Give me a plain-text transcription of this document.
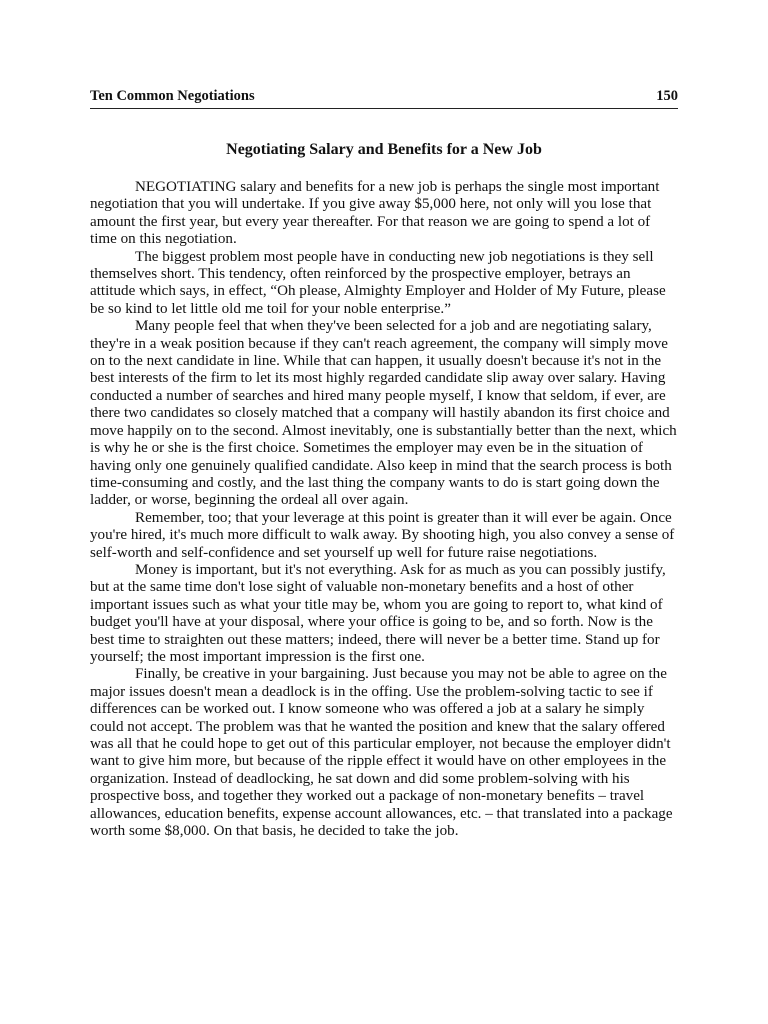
Ten Common Negotiations	150
Negotiating Salary and Benefits for a New Job

NEGOTIATING salary and benefits for a new job is perhaps the single most important negotiation that you will undertake. If you give away $5,000 here, not only will you lose that amount the first year, but every year thereafter. For that reason we are going to spend a lot of time on this negotiation.

The biggest problem most people have in conducting new job negotiations is they sell themselves short. This tendency, often reinforced by the prospective employer, betrays an attitude which says, in effect, “Oh please, Almighty Employer and Holder of My Future, please be so kind to let little old me toil for your noble enterprise.”

Many people feel that when they've been selected for a job and are negotiating salary, they're in a weak position because if they can't reach agreement, the company will simply move on to the next candidate in line. While that can happen, it usually doesn't because it's not in the best interests of the firm to let its most highly regarded candidate slip away over salary. Having conducted a number of searches and hired many people myself, I know that seldom, if ever, are there two candidates so closely matched that a company will hastily abandon its first choice and move happily on to the second. Almost inevitably, one is substantially better than the next, which is why he or she is the first choice. Sometimes the employer may even be in the situation of having only one genuinely qualified candidate. Also keep in mind that the search process is both time-consuming and costly, and the last thing the company wants to do is start going down the ladder, or worse, beginning the ordeal all over again.

Remember, too; that your leverage at this point is greater than it will ever be again. Once you're hired, it's much more difficult to walk away. By shooting high, you also convey a sense of self-worth and self-confidence and set yourself up well for future raise negotiations.

Money is important, but it's not everything. Ask for as much as you can possibly justify, but at the same time don't lose sight of valuable non-monetary benefits and a host of other important issues such as what your title may be, whom you are going to report to, what kind of budget you'll have at your disposal, where your office is going to be, and so forth. Now is the best time to straighten out these matters; indeed, there will never be a better time. Stand up for yourself; the most important impression is the first one.

Finally, be creative in your bargaining. Just because you may not be able to agree on the major issues doesn't mean a deadlock is in the offing. Use the problem-solving tactic to see if differences can be worked out. I know someone who was offered a job at a salary he simply could not accept. The problem was that he wanted the position and knew that the salary offered was all that he could hope to get out of this particular employer, not because the employer didn't want to give him more, but because of the ripple effect it would have on other employees in the organization. Instead of deadlocking, he sat down and did some problem-solving with his prospective boss, and together they worked out a package of non-monetary benefits – travel allowances, education benefits, expense account allowances, etc. – that translated into a package worth some $8,000. On that basis, he decided to take the job.
